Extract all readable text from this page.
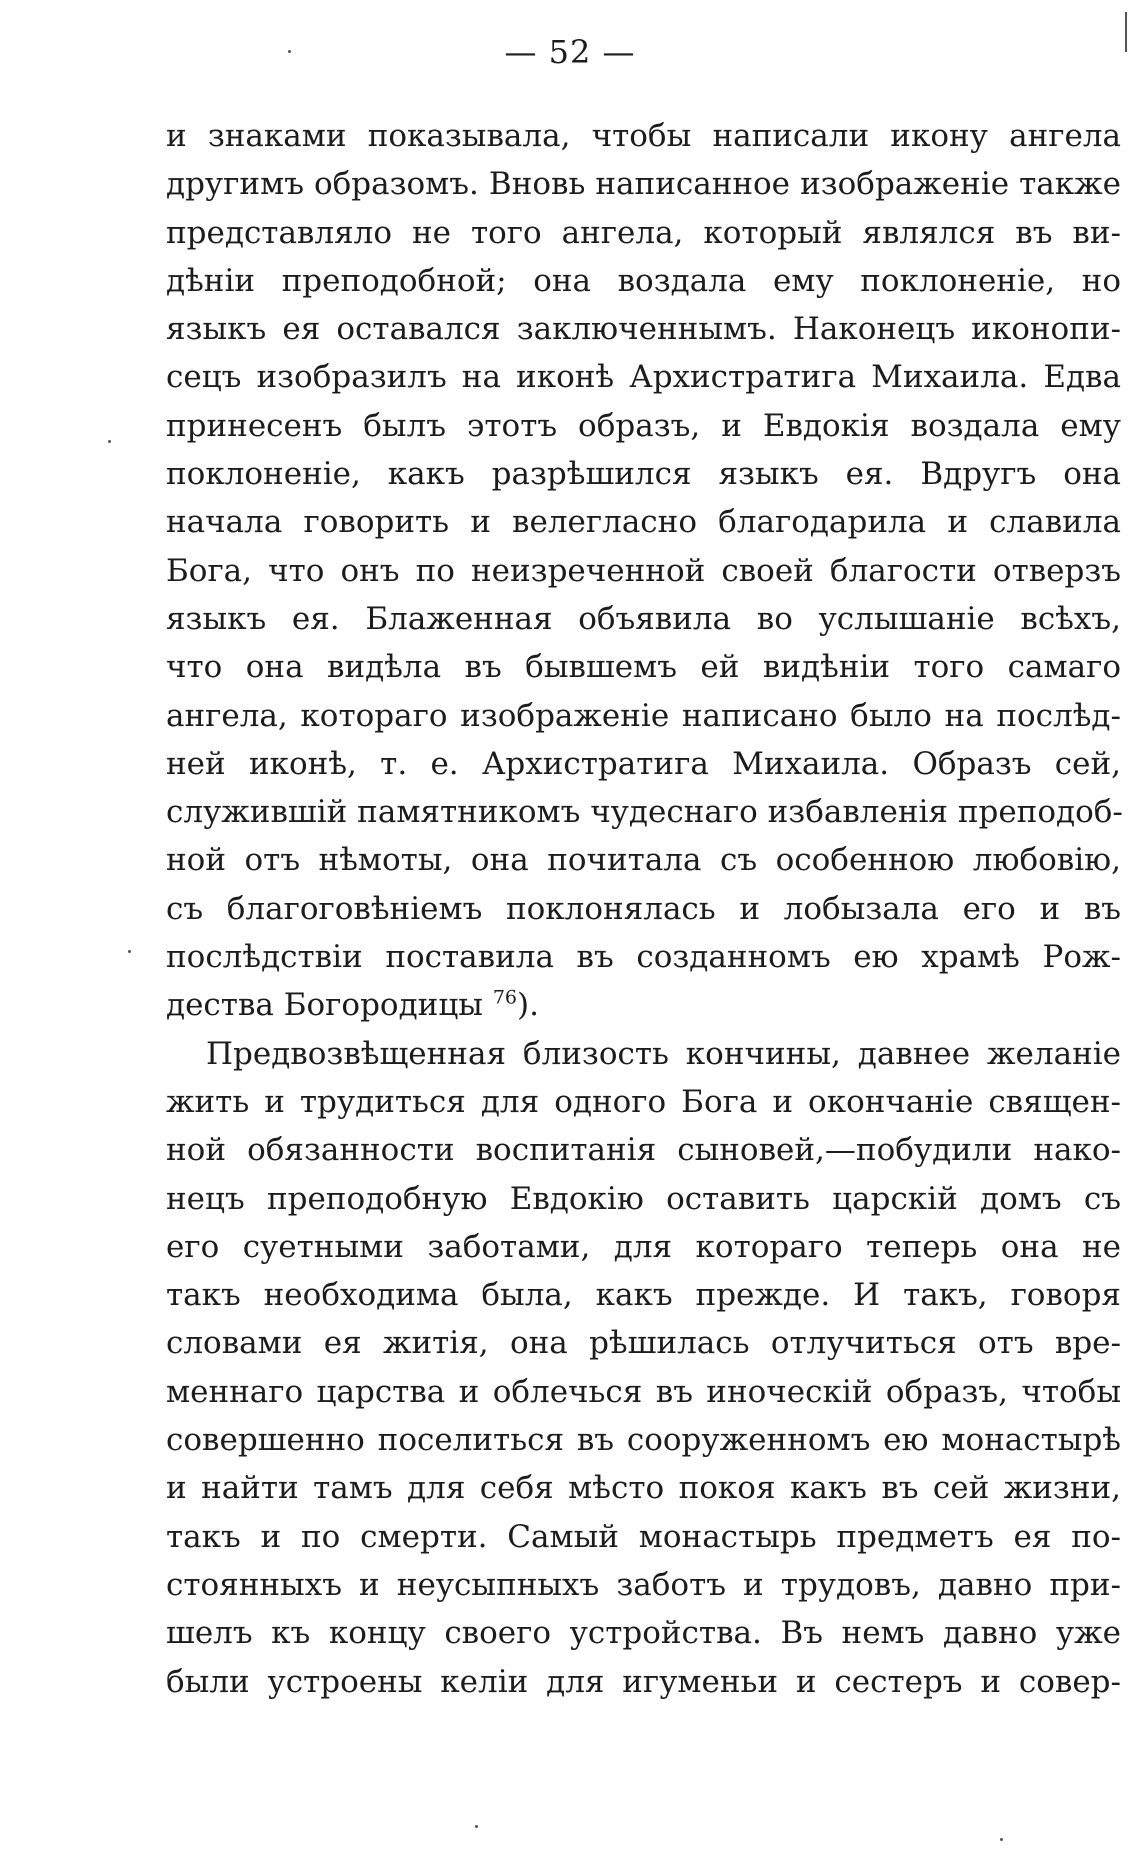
— 52 —
и знаками показывала, чтобы написали икону ангела
другимъ образомъ. Вновь написанное изображенiе также
представляло не того ангела, который являлся въ ви-
дѣнiи преподобной; она воздала ему поклоненiе, но
языкъ ея оставался заключеннымъ. Наконецъ иконопи-
сецъ изобразилъ на иконѣ Архистратига Михаила. Едва
принесенъ былъ этотъ образъ, и Евдокiя воздала ему
поклоненiе, какъ разрѣшился языкъ ея. Вдругъ она
начала говорить и велегласно благодарила и славила
Бога, что онъ по неизреченной своей благости отверзъ
языкъ ея. Блаженная объявила во услышанiе всѣхъ,
что она видѣла въ бывшемъ ей видѣнiи того самаго
ангела, котораго изображенiе написано было на послѣд-
ней иконѣ, т. е. Архистратига Михаила. Образъ сей,
служившiй памятникомъ чудеснаго избавленiя преподоб-
ной отъ нѣмоты, она почитала съ особенною любовiю,
съ благоговѣнiемъ поклонялась и лобызала его и въ
послѣдствiи поставила въ созданномъ ею храмѣ Рож-
дества Богородицы $^{76}$).
Предвозвѣщенная близость кончины, давнее желанiе
жить и трудиться для одного Бога и окончанiе священ-
ной обязанности воспитанiя сыновей,—побудили нако-
нецъ преподобную Евдокiю оставить царскiй домъ съ
его суетными заботами, для котораго теперь она не
такъ необходима была, какъ прежде. И такъ, говоря
словами ея житiя, она рѣшилась отлучиться отъ вре-
меннаго царства и облечься въ иноческiй образъ, чтобы
совершенно поселиться въ сооруженномъ ею монастырѣ
и найти тамъ для себя мѣсто покоя какъ въ сей жизни,
такъ и по смерти. Самый монастырь предметъ ея по-
стоянныхъ и неусыпныхъ заботъ и трудовъ, давно при-
шелъ къ концу своего устройства. Въ немъ давно уже
были устроены келiи для игуменьи и сестеръ и совер-
